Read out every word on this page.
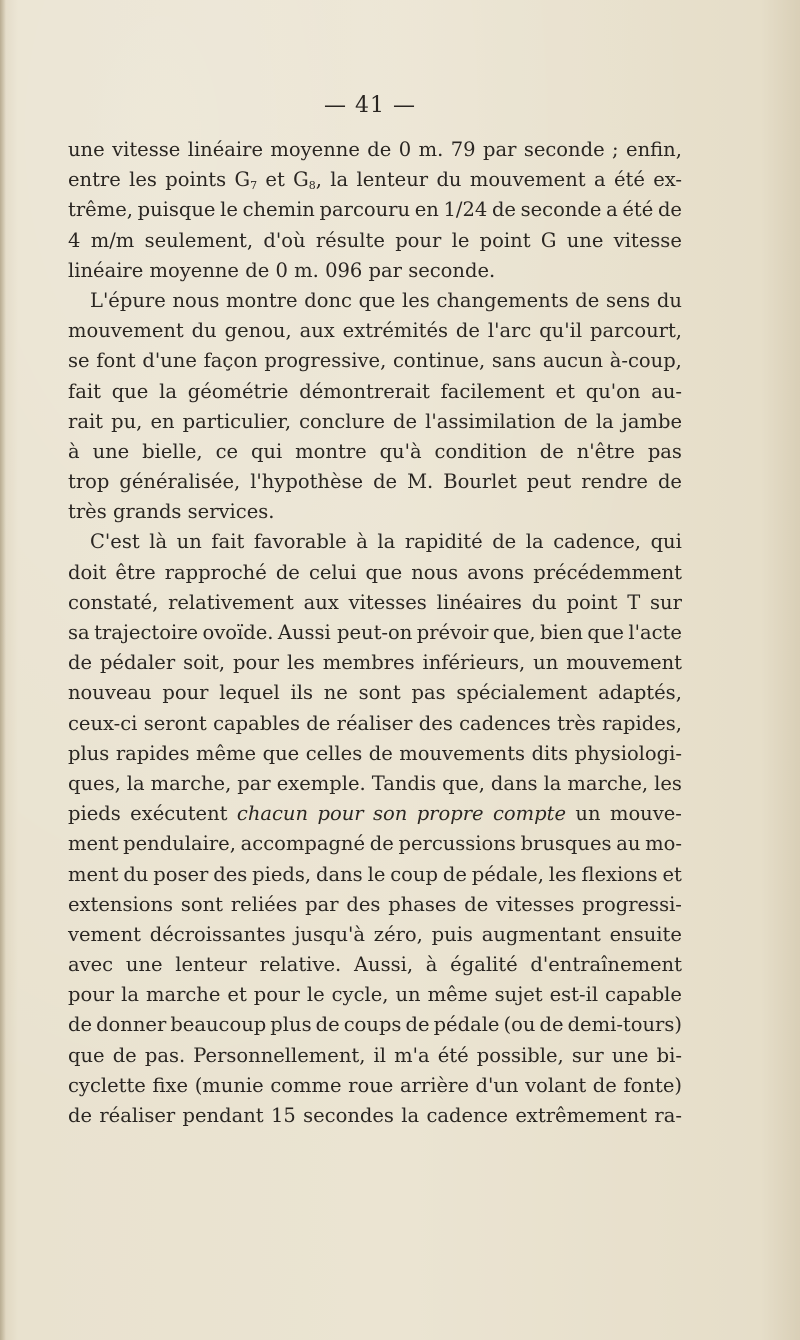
— 41 —
une vitesse linéaire moyenne de 0 m. 79 par seconde ; enfin,
entre les points $G_7$ et $G_8$, la lenteur du mouvement a été ex-
trême, puisque le chemin parcouru en 1/24 de seconde a été de
4 m/m seulement, d'où résulte pour le point G une vitesse
linéaire moyenne de 0 m. 096 par seconde.
L'épure nous montre donc que les changements de sens du
mouvement du genou, aux extrémités de l'arc qu'il parcourt,
se font d'une façon progressive, continue, sans aucun à-coup,
fait que la géométrie démontrerait facilement et qu'on au-
rait pu, en particulier, conclure de l'assimilation de la jambe
à une bielle, ce qui montre qu'à condition de n'être pas
trop généralisée, l'hypothèse de M. Bourlet peut rendre de
très grands services.
C'est là un fait favorable à la rapidité de la cadence, qui
doit être rapproché de celui que nous avons précédemment
constaté, relativement aux vitesses linéaires du point T sur
sa trajectoire ovoïde. Aussi peut-on prévoir que, bien que l'acte
de pédaler soit, pour les membres inférieurs, un mouvement
nouveau pour lequel ils ne sont pas spécialement adaptés,
ceux-ci seront capables de réaliser des cadences très rapides,
plus rapides même que celles de mouvements dits physiologi-
ques, la marche, par exemple. Tandis que, dans la marche, les
pieds exécutent chacun pour son propre compte un mouve-
ment pendulaire, accompagné de percussions brusques au mo-
ment du poser des pieds, dans le coup de pédale, les flexions et
extensions sont reliées par des phases de vitesses progressi-
vement décroissantes jusqu'à zéro, puis augmentant ensuite
avec une lenteur relative. Aussi, à égalité d'entraînement
pour la marche et pour le cycle, un même sujet est-il capable
de donner beaucoup plus de coups de pédale (ou de demi-tours)
que de pas. Personnellement, il m'a été possible, sur une bi-
cyclette fixe (munie comme roue arrière d'un volant de fonte)
de réaliser pendant 15 secondes la cadence extrêmement ra-
